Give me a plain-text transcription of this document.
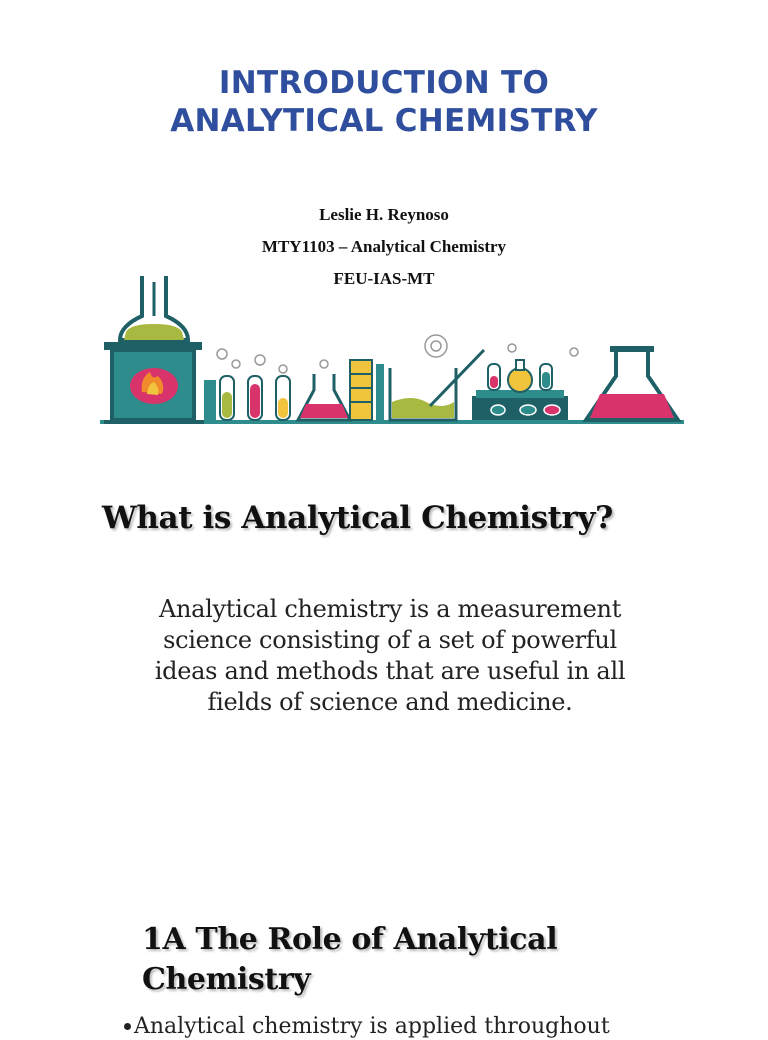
INTRODUCTION TO
ANALYTICAL CHEMISTRY
Leslie H. Reynoso
MTY1103 – Analytical Chemistry
FEU-IAS-MT
What is Analytical Chemistry?
Analytical chemistry is a measurement science consisting of a set of powerful ideas and methods that are useful in all fields of science and medicine.
1A The Role of Analytical
Chemistry
Analytical chemistry is applied throughout
